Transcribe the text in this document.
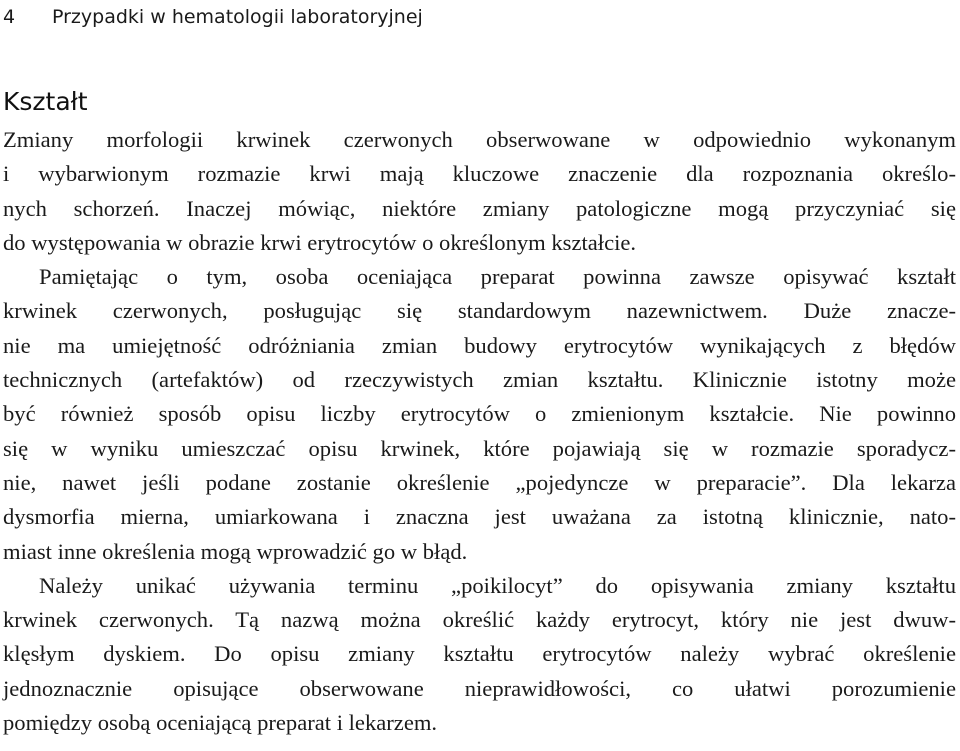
4 Przypadki w hematologii laboratoryjnej
Kształt
Zmiany morfologii krwinek czerwonych obserwowane w odpowiednio wykonanym
i wybarwionym rozmazie krwi mają kluczowe znaczenie dla rozpoznania określo-
nych schorzeń. Inaczej mówiąc, niektóre zmiany patologiczne mogą przyczyniać się
do występowania w obrazie krwi erytrocytów o określonym kształcie.
Pamiętając o tym, osoba oceniająca preparat powinna zawsze opisywać kształt
krwinek czerwonych, posługując się standardowym nazewnictwem. Duże znacze-
nie ma umiejętność odróżniania zmian budowy erytrocytów wynikających z błędów
technicznych (artefaktów) od rzeczywistych zmian kształtu. Klinicznie istotny może
być również sposób opisu liczby erytrocytów o zmienionym kształcie. Nie powinno
się w wyniku umieszczać opisu krwinek, które pojawiają się w rozmazie sporadycz-
nie, nawet jeśli podane zostanie określenie „pojedyncze w preparacie”. Dla lekarza
dysmorfia mierna, umiarkowana i znaczna jest uważana za istotną klinicznie, nato-
miast inne określenia mogą wprowadzić go w błąd.
Należy unikać używania terminu „poikilocyt” do opisywania zmiany kształtu
krwinek czerwonych. Tą nazwą można określić każdy erytrocyt, który nie jest dwuw-
klęsłym dyskiem. Do opisu zmiany kształtu erytrocytów należy wybrać określenie
jednoznacznie opisujące obserwowane nieprawidłowości, co ułatwi porozumienie
pomiędzy osobą oceniającą preparat i lekarzem.
